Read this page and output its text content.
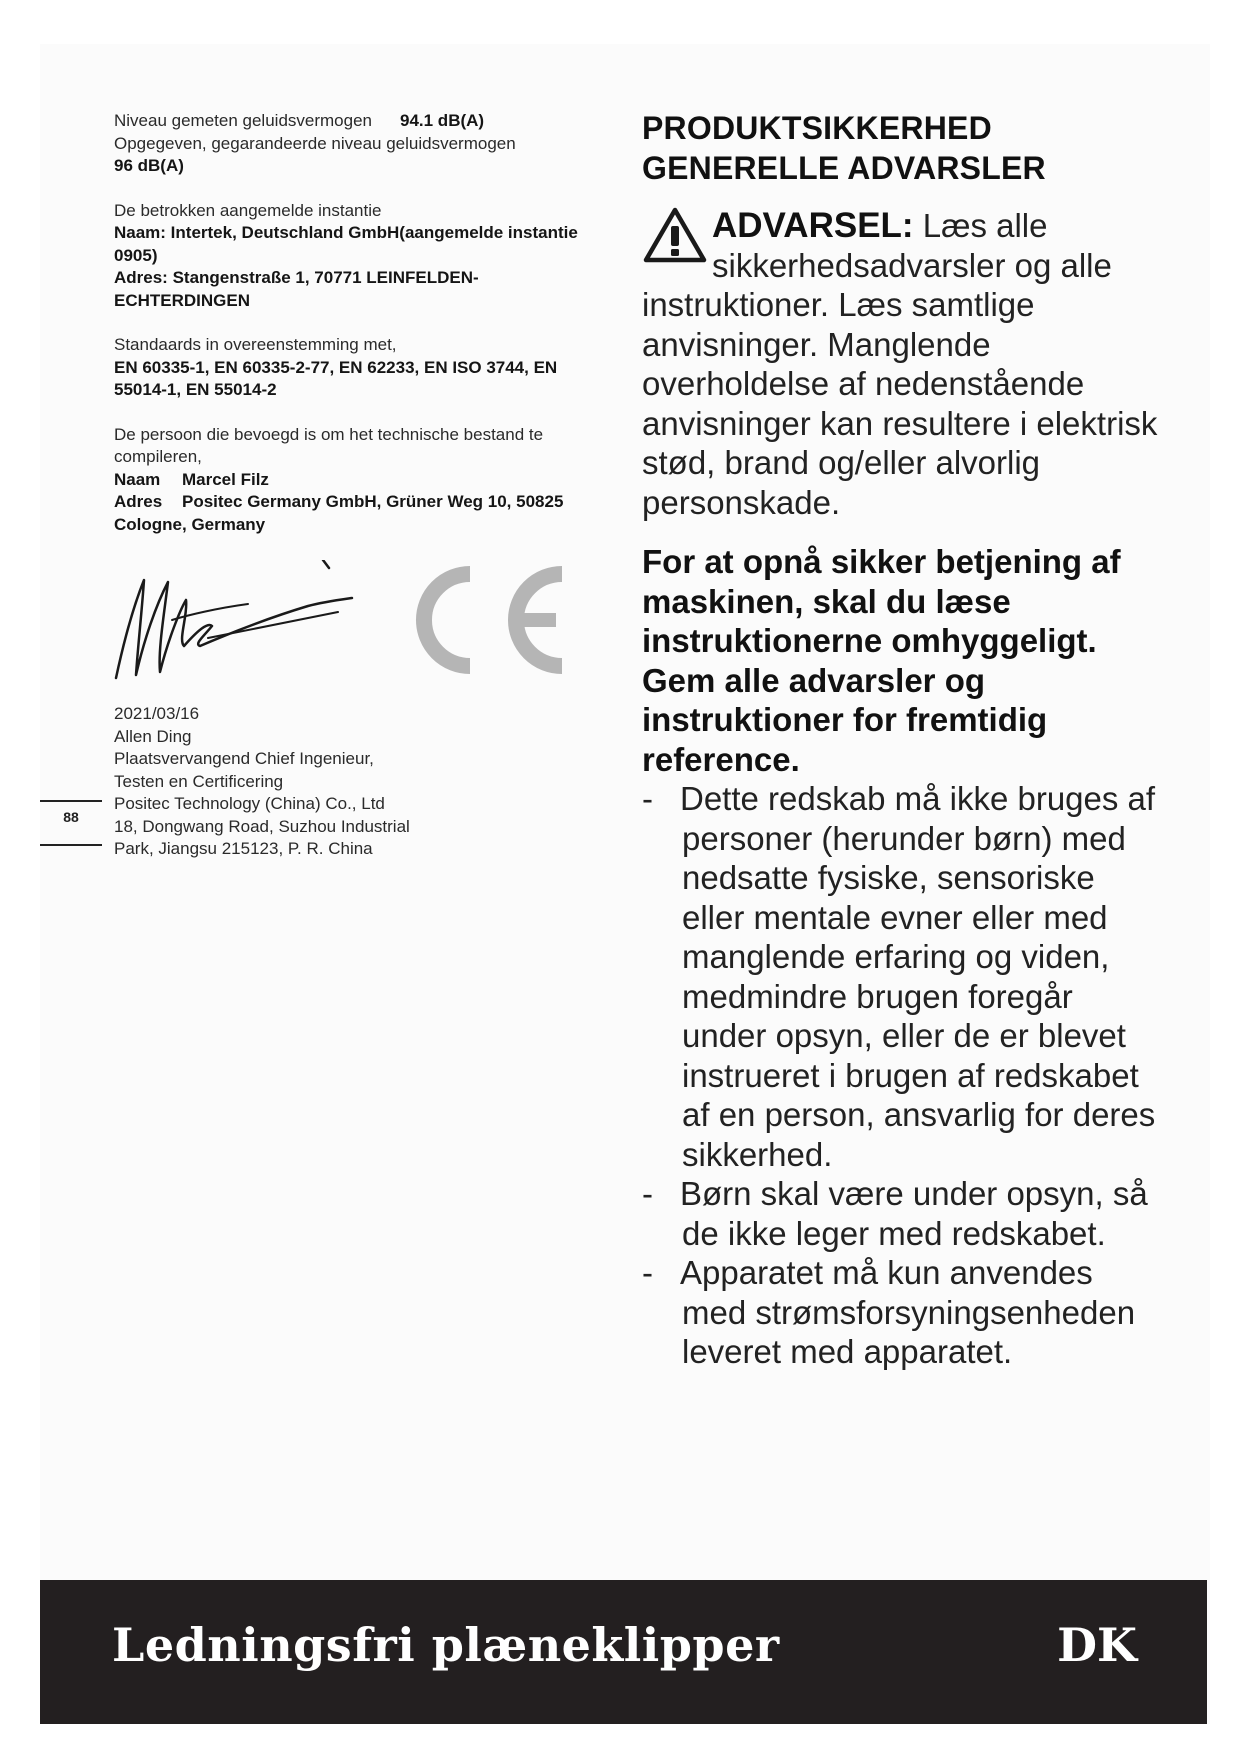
Niveau gemeten geluidsvermogen 94.1 dB(A)
Opgegeven, gegarandeerde niveau geluidsvermogen
96 dB(A)
De betrokken aangemelde instantie
Naam: Intertek, Deutschland GmbH(aangemelde instantie 0905)
Adres: Stangenstraße 1, 70771 LEINFELDEN-ECHTERDINGEN
Standaards in overeenstemming met,
EN 60335-1, EN 60335-2-77, EN 62233, EN ISO 3744, EN 55014-1, EN 55014-2
De persoon die bevoegd is om het technische bestand te compileren,
Naam Marcel Filz
Adres Positec Germany GmbH, Grüner Weg 10, 50825 Cologne, Germany
2021/03/16
Allen Ding
Plaatsvervangend Chief Ingenieur,
Testen en Certificering
Positec Technology (China) Co., Ltd
18, Dongwang Road, Suzhou Industrial
Park, Jiangsu 215123, P. R. China
88
PRODUKTSIKKERHED
GENERELLE ADVARSLER
ADVARSEL: Læs alle
sikkerhedsadvarsler og alle
instruktioner. Læs samtlige anvisninger. Manglende overholdelse af nedenstående anvisninger kan resultere i elektrisk stød, brand og/eller alvorlig personskade.
For at opnå sikker betjening af maskinen, skal du læse instruktionerne omhyggeligt. Gem alle advarsler og instruktioner for fremtidig reference.
- Dette redskab må ikke bruges af personer (herunder børn) med nedsatte fysiske, sensoriske eller mentale evner eller med manglende erfaring og viden, medmindre brugen foregår under opsyn, eller de er blevet instrueret i brugen af redskabet af en person, ansvarlig for deres sikkerhed.
- Børn skal være under opsyn, så de ikke leger med redskabet.
- Apparatet må kun anvendes med strømsforsyningsenheden leveret med apparatet.
Ledningsfri plæneklipper	DK
